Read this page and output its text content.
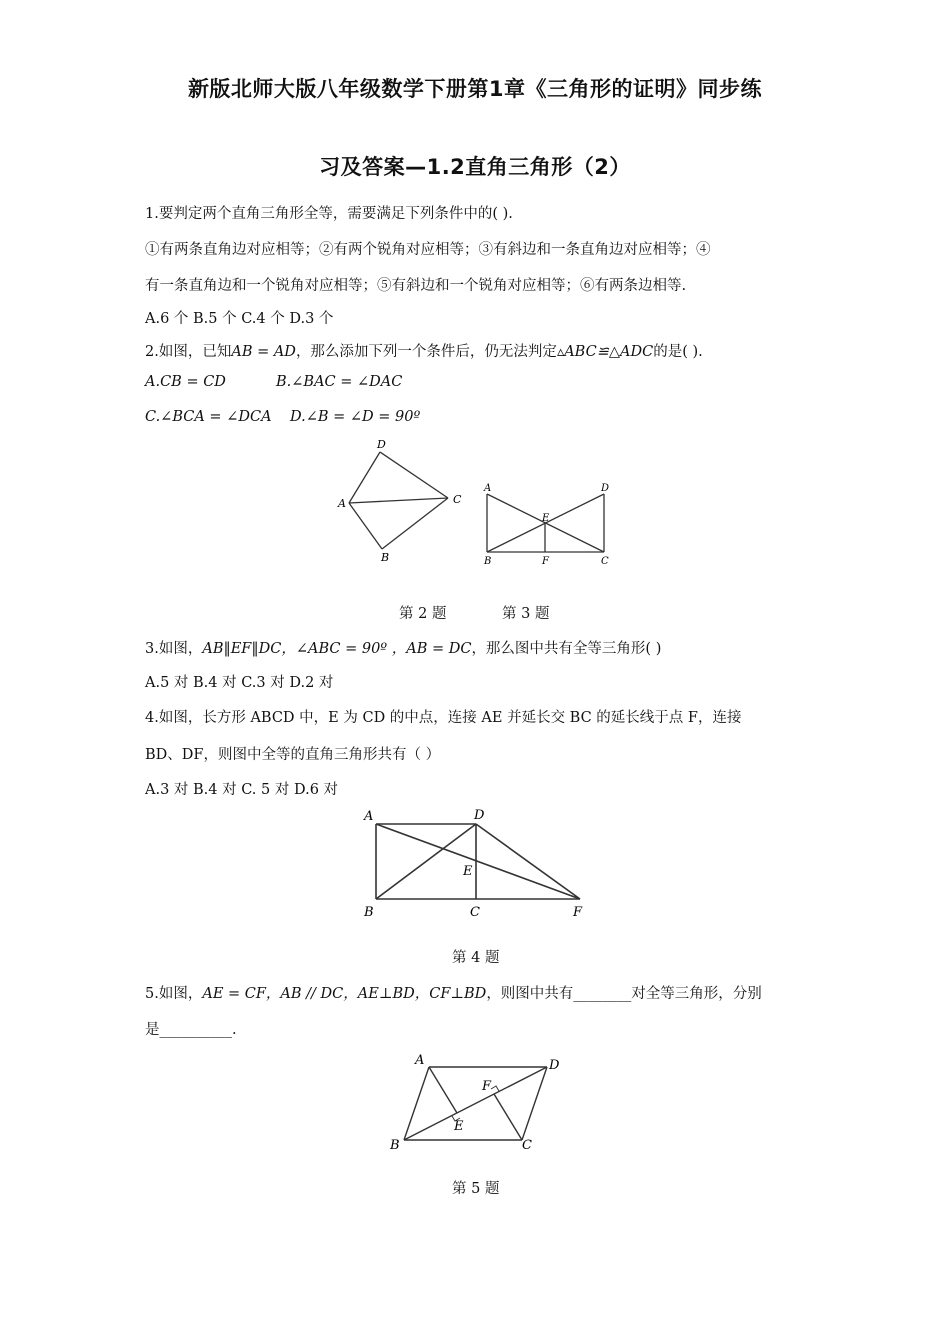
新版北师大版八年级数学下册第1章《三角形的证明》同步练
习及答案—1.2直角三角形（2）
1.要判定两个直角三角形全等，需要满足下列条件中的( ).
①有两条直角边对应相等；②有两个锐角对应相等；③有斜边和一条直角边对应相等；④
有一条直角边和一个锐角对应相等；⑤有斜边和一个锐角对应相等；⑥有两条边相等.
A.6 个 B.5 个 C.4 个 D.3 个
2.如图，已知AB = AD，那么添加下列一个条件后，仍无法判定▵ABC≌△ADC的是( ).
A.CB = CD	B.∠BAC = ∠DAC
C.∠BCA = ∠DCA D.∠B = ∠D = 90º
D
A	C
B
A	D
E
B	F	C
第 2 题	第 3 题
3.如图，AB‖EF‖DC，∠ABC = 90º ，AB = DC，那么图中共有全等三角形( )
A.5 对 B.4 对 C.3 对 D.2 对
4.如图，长方形 ABCD 中，E 为 CD 的中点，连接 AE 并延长交 BC 的延长线于点 F，连接
BD、DF，则图中全等的直角三角形共有（ ）
A.3 对 B.4 对 C. 5 对 D.6 对
A	D
E
B	C	F
第 4 题
5.如图，AE = CF，AB // DC，AE⊥BD，CF⊥BD，则图中共有________对全等三角形，分别
是__________.
A	D
F
E
B	C
第 5 题
